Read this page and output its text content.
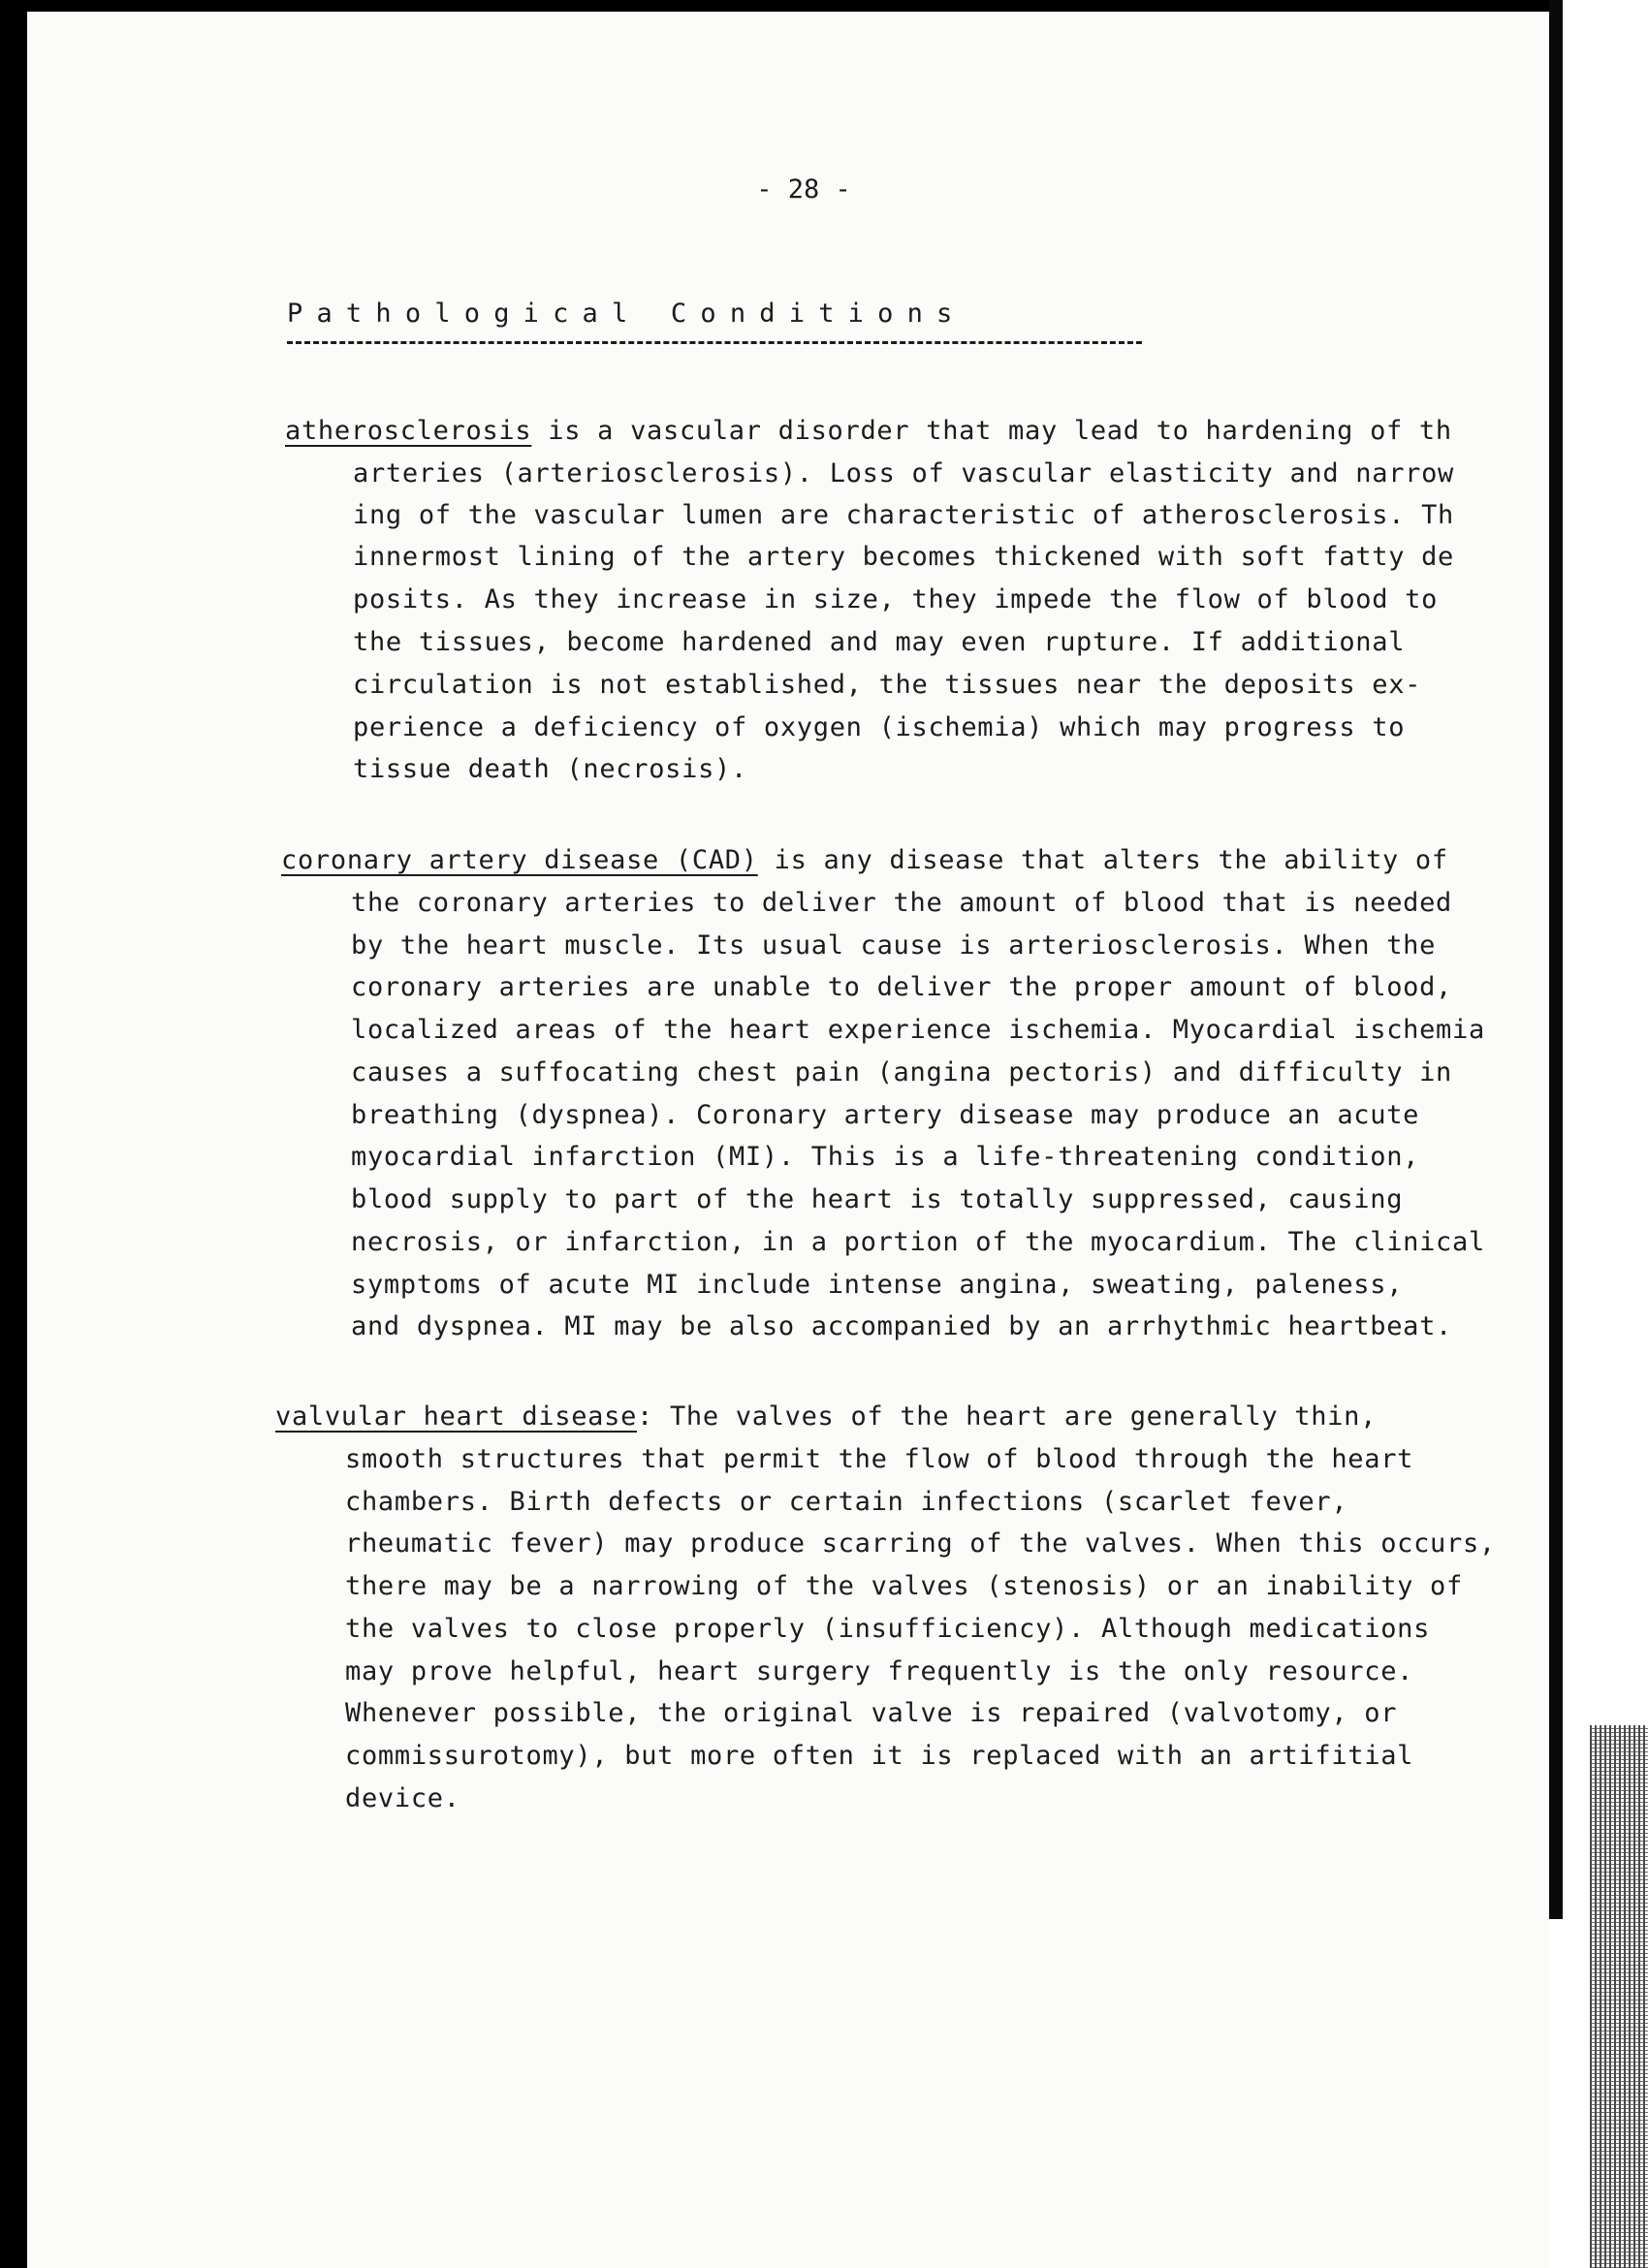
- 28 -
Pathological Conditions
atherosclerosis is a vascular disorder that may lead to hardening of th
arteries (arteriosclerosis). Loss of vascular elasticity and narrow
ing of the vascular lumen are characteristic of atherosclerosis. Th
innermost lining of the artery becomes thickened with soft fatty de
posits. As they increase in size, they impede the flow of blood to
the tissues, become hardened and may even rupture. If additional
circulation is not established, the tissues near the deposits ex-
perience a deficiency of oxygen (ischemia) which may progress to
tissue death (necrosis).
coronary artery disease (CAD) is any disease that alters the ability of
the coronary arteries to deliver the amount of blood that is needed
by the heart muscle. Its usual cause is arteriosclerosis. When the
coronary arteries are unable to deliver the proper amount of blood,
localized areas of the heart experience ischemia. Myocardial ischemia
causes a suffocating chest pain (angina pectoris) and difficulty in
breathing (dyspnea). Coronary artery disease may produce an acute
myocardial infarction (MI). This is a life-threatening condition,
blood supply to part of the heart is totally suppressed, causing
necrosis, or infarction, in a portion of the myocardium. The clinical
symptoms of acute MI include intense angina, sweating, paleness,
and dyspnea. MI may be also accompanied by an arrhythmic heartbeat.
valvular heart disease: The valves of the heart are generally thin,
smooth structures that permit the flow of blood through the heart
chambers. Birth defects or certain infections (scarlet fever,
rheumatic fever) may produce scarring of the valves. When this occurs,
there may be a narrowing of the valves (stenosis) or an inability of
the valves to close properly (insufficiency). Although medications
may prove helpful, heart surgery frequently is the only resource.
Whenever possible, the original valve is repaired (valvotomy, or
commissurotomy), but more often it is replaced with an artifitial
device.
